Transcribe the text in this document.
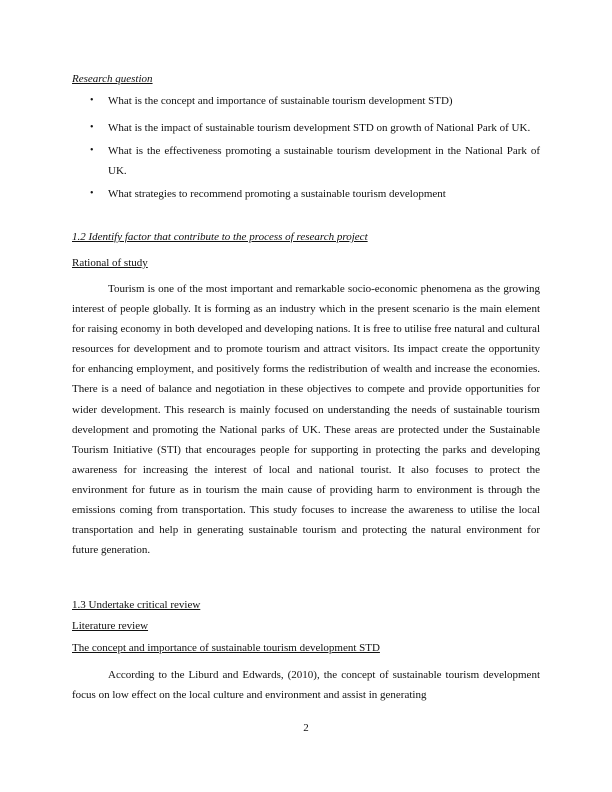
Research question
• What is the concept and importance of sustainable tourism development STD)
• What is the impact of sustainable tourism development STD on growth of National Park of UK.
• What is the effectiveness promoting a sustainable tourism development in the National Park of UK.
• What strategies to recommend promoting a sustainable tourism development
1.2 Identify factor that contribute to the process of research project
Rational of study

Tourism is one of the most important and remarkable socio-economic phenomena as the growing interest of people globally. It is forming as an industry which in the present scenario is the main element for raising economy in both developed and developing nations. It is free to utilise free natural and cultural resources for development and to promote tourism and attract visitors. Its impact create the opportunity for enhancing employment, and positively forms the redistribution of wealth and increase the economies. There is a need of balance and negotiation in these objectives to compete and provide opportunities for wider development. This research is mainly focused on understanding the needs of sustainable tourism development and promoting the National parks of UK. These areas are protected under the Sustainable Tourism Initiative (STI) that encourages people for supporting in protecting the parks and developing awareness for increasing the interest of local and national tourist. It also focuses to protect the environment for future as in tourism the main cause of providing harm to environment is through the emissions coming from transportation. This study focuses to increase the awareness to utilise the local transportation and help in generating sustainable tourism and protecting the natural environment for future generation.

1.3 Undertake critical review
Literature review
The concept and importance of sustainable tourism development STD

According to the Liburd and Edwards, (2010), the concept of sustainable tourism development focus on low effect on the local culture and environment and assist in generating

2
